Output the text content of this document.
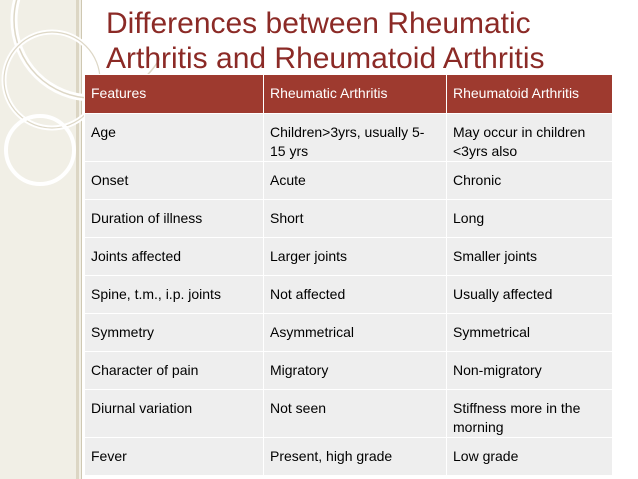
Differences between Rheumatic
Arthritis and Rheumatoid Arthritis
Features	Rheumatic Arthritis	Rheumatoid Arthritis
Age	Children>3yrs, usually 5-15 yrs	May occur in children <3yrs also
Onset	Acute	Chronic
Duration of illness	Short	Long
Joints affected	Larger joints	Smaller joints
Spine, t.m., i.p. joints	Not affected	Usually affected
Symmetry	Asymmetrical	Symmetrical
Character of pain	Migratory	Non-migratory
Diurnal variation	Not seen	Stiffness more in the morning
Fever	Present, high grade	Low grade
